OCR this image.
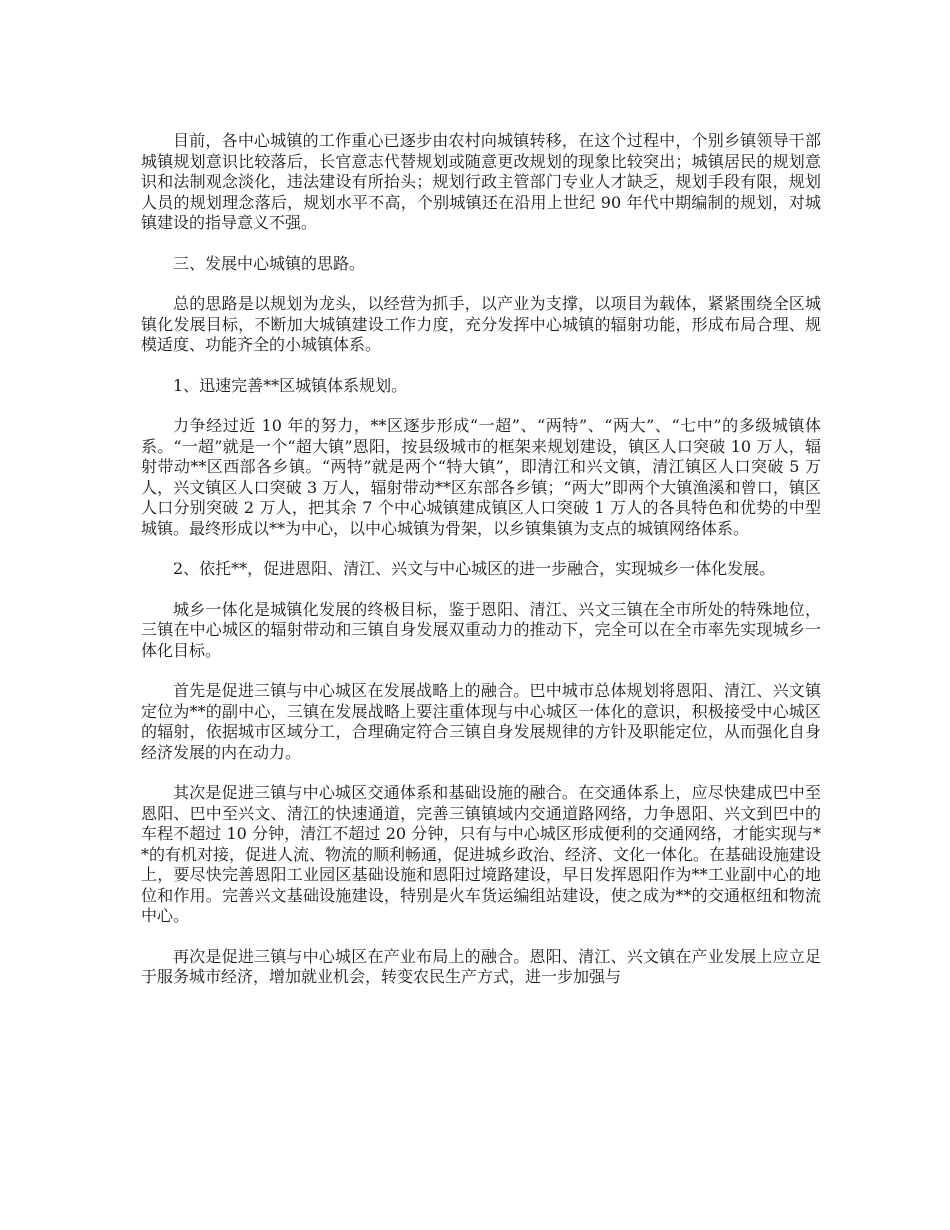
目前，各中心城镇的工作重心已逐步由农村向城镇转移，在这个过程中，个别乡镇领导干部城镇规划意识比较落后，长官意志代替规划或随意更改规划的现象比较突出；城镇居民的规划意识和法制观念淡化，违法建设有所抬头；规划行政主管部门专业人才缺乏，规划手段有限，规划人员的规划理念落后，规划水平不高，个别城镇还在沿用上世纪 90 年代中期编制的规划，对城镇建设的指导意义不强。

三、发展中心城镇的思路。

总的思路是以规划为龙头，以经营为抓手，以产业为支撑，以项目为载体，紧紧围绕全区城镇化发展目标，不断加大城镇建设工作力度，充分发挥中心城镇的辐射功能，形成布局合理、规模适度、功能齐全的小城镇体系。

1、迅速完善**区城镇体系规划。

力争经过近 10 年的努力，**区逐步形成“一超”、“两特”、“两大”、“七中”的多级城镇体系。“一超”就是一个“超大镇”恩阳，按县级城市的框架来规划建设，镇区人口突破 10 万人，辐射带动**区西部各乡镇。“两特”就是两个“特大镇”，即清江和兴文镇，清江镇区人口突破 5 万人，兴文镇区人口突破 3 万人，辐射带动**区东部各乡镇；“两大”即两个大镇渔溪和曾口，镇区人口分别突破 2 万人，把其余 7 个中心城镇建成镇区人口突破 1 万人的各具特色和优势的中型城镇。最终形成以**为中心，以中心城镇为骨架，以乡镇集镇为支点的城镇网络体系。

2、依托**，促进恩阳、清江、兴文与中心城区的进一步融合，实现城乡一体化发展。

城乡一体化是城镇化发展的终极目标，鉴于恩阳、清江、兴文三镇在全市所处的特殊地位，三镇在中心城区的辐射带动和三镇自身发展双重动力的推动下，完全可以在全市率先实现城乡一体化目标。

首先是促进三镇与中心城区在发展战略上的融合。巴中城市总体规划将恩阳、清江、兴文镇定位为**的副中心，三镇在发展战略上要注重体现与中心城区一体化的意识，积极接受中心城区的辐射，依据城市区域分工，合理确定符合三镇自身发展规律的方针及职能定位，从而强化自身经济发展的内在动力。

其次是促进三镇与中心城区交通体系和基础设施的融合。在交通体系上，应尽快建成巴中至恩阳、巴中至兴文、清江的快速通道，完善三镇镇域内交通道路网络，力争恩阳、兴文到巴中的车程不超过 10 分钟，清江不超过 20 分钟，只有与中心城区形成便利的交通网络，才能实现与**的有机对接，促进人流、物流的顺利畅通，促进城乡政治、经济、文化一体化。在基础设施建设上，要尽快完善恩阳工业园区基础设施和恩阳过境路建设，早日发挥恩阳作为**工业副中心的地位和作用。完善兴文基础设施建设，特别是火车货运编组站建设，使之成为**的交通枢纽和物流中心。

再次是促进三镇与中心城区在产业布局上的融合。恩阳、清江、兴文镇在产业发展上应立足于服务城市经济，增加就业机会，转变农民生产方式，进一步加强与
